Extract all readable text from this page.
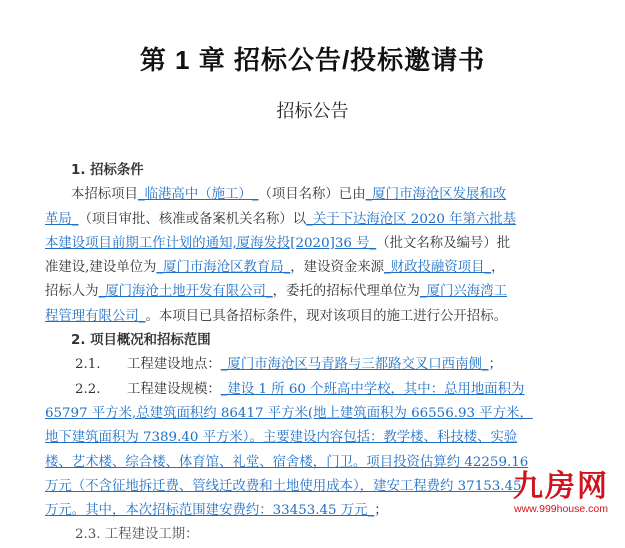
第 1 章 招标公告/投标邀请书
招标公告
1. 招标条件
本招标项目_临港高中（施工）_（项目名称）已由_厦门市海沧区发展和改
革局_（项目审批、核准或备案机关名称）以_关于下达海沧区 2020 年第六批基
本建设项目前期工作计划的通知,厦海发投[2020]36 号_（批文名称及编号）批
准建设,建设单位为_厦门市海沧区教育局_，建设资金来源_财政投融资项目_，
招标人为_厦门海沧土地开发有限公司_，委托的招标代理单位为_厦门兴海湾工
程管理有限公司_。本项目已具备招标条件，现对该项目的施工进行公开招标。
2. 项目概况和招标范围
2.1. 工程建设地点：_厦门市海沧区马青路与三都路交叉口西南侧_；
2.2. 工程建设规模：_建设 1 所 60 个班高中学校，其中：总用地面积为
65797 平方米,总建筑面积约 86417 平方米(地上建筑面积为 66556.93 平方米，
地下建筑面积为 7389.40 平方米）。主要建设内容包括：教学楼、科技楼、实验
楼、艺术楼、综合楼、体育馆、礼堂、宿舍楼，门卫。项目投资估算约 42259.16
万元（不含征地拆迁费、管线迁改费和土地使用成本），建安工程费约 37153.45
万元。其中，本次招标范围建安费约：33453.45 万元_；
2.3. 工程建设工期：
九房网
www.999house.com
